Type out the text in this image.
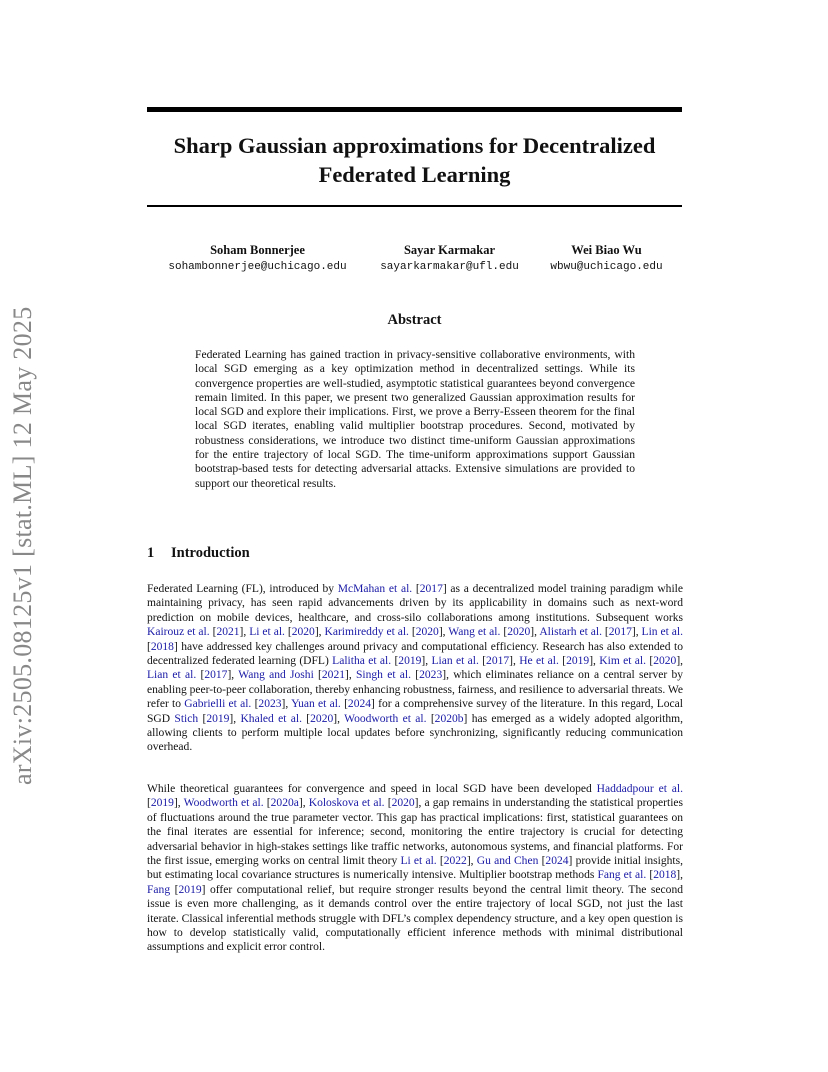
arXiv:2505.08125v1 [stat.ML] 12 May 2025
Sharp Gaussian approximations for Decentralized
Federated Learning
Soham Bonnerjee
sohambonnerjee@uchicago.edu
Sayar Karmakar
sayarkarmakar@ufl.edu
Wei Biao Wu
wbwu@uchicago.edu
Abstract

Federated Learning has gained traction in privacy-sensitive collaborative environments, with local SGD emerging as a key optimization method in decentralized settings. While its convergence properties are well-studied, asymptotic statistical guarantees beyond convergence remain limited. In this paper, we present two generalized Gaussian approximation results for local SGD and explore their implications. First, we prove a Berry-Esseen theorem for the final local SGD iterates, enabling valid multiplier bootstrap procedures. Second, motivated by robustness considerations, we introduce two distinct time-uniform Gaussian approximations for the entire trajectory of local SGD. The time-uniform approximations support Gaussian bootstrap-based tests for detecting adversarial attacks. Extensive simulations are provided to support our theoretical results.

1 Introduction

Federated Learning (FL), introduced by McMahan et al. [2017] as a decentralized model training paradigm while maintaining privacy, has seen rapid advancements driven by its applicability in domains such as next-word prediction on mobile devices, healthcare, and cross-silo collaborations among institutions. Subsequent works Kairouz et al. [2021], Li et al. [2020], Karimireddy et al. [2020], Wang et al. [2020], Alistarh et al. [2017], Lin et al. [2018] have addressed key challenges around privacy and computational efficiency. Research has also extended to decentralized federated learning (DFL) Lalitha et al. [2019], Lian et al. [2017], He et al. [2019], Kim et al. [2020], Lian et al. [2017], Wang and Joshi [2021], Singh et al. [2023], which eliminates reliance on a central server by enabling peer-to-peer collaboration, thereby enhancing robustness, fairness, and resilience to adversarial threats. We refer to Gabrielli et al. [2023], Yuan et al. [2024] for a comprehensive survey of the literature. In this regard, Local SGD Stich [2019], Khaled et al. [2020], Woodworth et al. [2020b] has emerged as a widely adopted algorithm, allowing clients to perform multiple local updates before synchronizing, significantly reducing communication overhead.

While theoretical guarantees for convergence and speed in local SGD have been developed Haddadpour et al. [2019], Woodworth et al. [2020a], Koloskova et al. [2020], a gap remains in understanding the statistical properties of fluctuations around the true parameter vector. This gap has practical implications: first, statistical guarantees on the final iterates are essential for inference; second, monitoring the entire trajectory is crucial for detecting adversarial behavior in high-stakes settings like traffic networks, autonomous systems, and financial platforms. For the first issue, emerging works on central limit theory Li et al. [2022], Gu and Chen [2024] provide initial insights, but estimating local covariance structures is numerically intensive. Multiplier bootstrap methods Fang et al. [2018], Fang [2019] offer computational relief, but require stronger results beyond the central limit theory. The second issue is even more challenging, as it demands control over the entire trajectory of local SGD, not just the last iterate. Classical inferential methods struggle with DFL’s complex dependency structure, and a key open question is how to develop statistically valid, computationally efficient inference methods with minimal distributional assumptions and explicit error control.
